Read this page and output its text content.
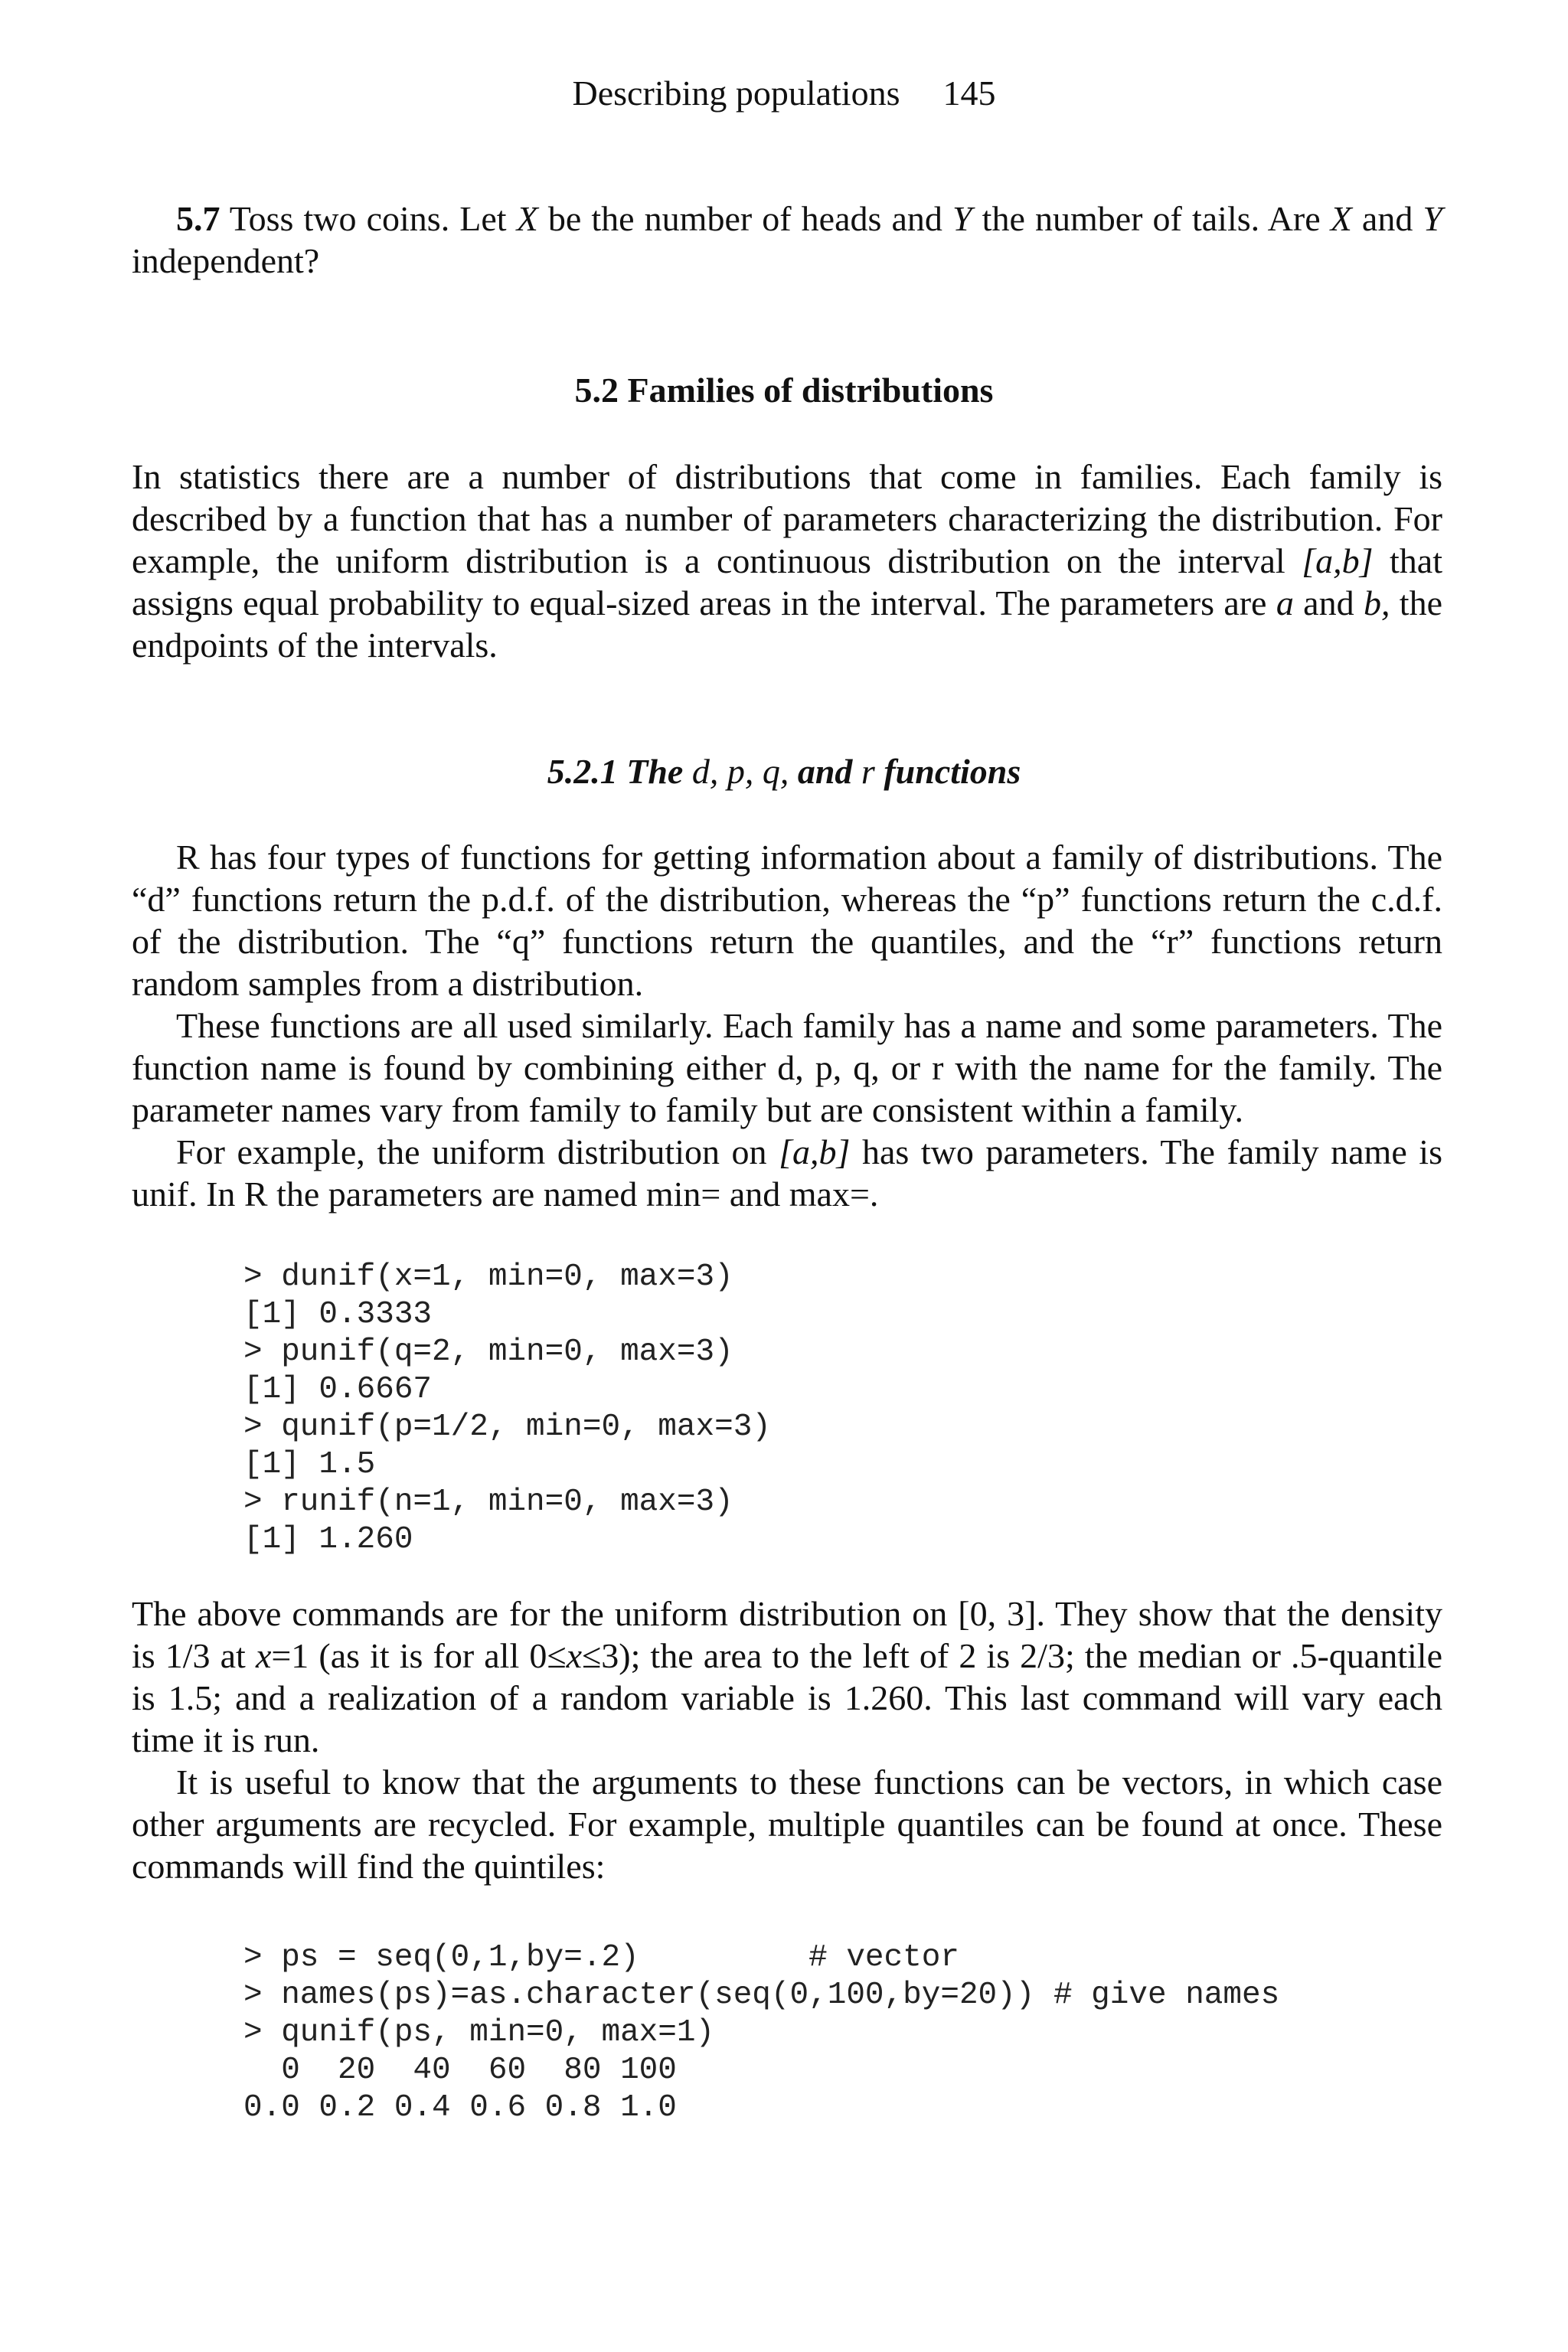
Describing populations 145
5.7 Toss two coins. Let X be the number of heads and Y the number of tails. Are X and Y independent?
5.2 Families of distributions
In statistics there are a number of distributions that come in families. Each family is described by a function that has a number of parameters characterizing the distribution. For example, the uniform distribution is a continuous distribution on the interval [a,b] that assigns equal probability to equal-sized areas in the interval. The parameters are a and b, the endpoints of the intervals.
5.2.1 The d, p, q, and r functions

R has four types of functions for getting information about a family of distributions. The “d” functions return the p.d.f. of the distribution, whereas the “p” functions return the c.d.f. of the distribution. The “q” functions return the quantiles, and the “r” functions return random samples from a distribution.

These functions are all used similarly. Each family has a name and some parameters. The function name is found by combining either d, p, q, or r with the name for the family. The parameter names vary from family to family but are consistent within a family.

For example, the uniform distribution on [a,b] has two parameters. The family name is unif. In R the parameters are named min= and max=.

> dunif(x=1, min=0, max=3)
[1] 0.3333
> punif(q=2, min=0, max=3)
[1] 0.6667
> qunif(p=1/2, min=0, max=3)
[1] 1.5
> runif(n=1, min=0, max=3)
[1] 1.260

The above commands are for the uniform distribution on [0, 3]. They show that the density is 1/3 at x=1 (as it is for all 0≤x≤3); the area to the left of 2 is 2/3; the median or .5-quantile is 1.5; and a realization of a random variable is 1.260. This last command will vary each time it is run.

It is useful to know that the arguments to these functions can be vectors, in which case other arguments are recycled. For example, multiple quantiles can be found at once. These commands will find the quintiles:

> ps = seq(0,1,by=.2)         # vector
> names(ps)=as.character(seq(0,100,by=20)) # give names
> qunif(ps, min=0, max=1)
0  20  40  60  80 100
0.0 0.2 0.4 0.6 0.8 1.0
